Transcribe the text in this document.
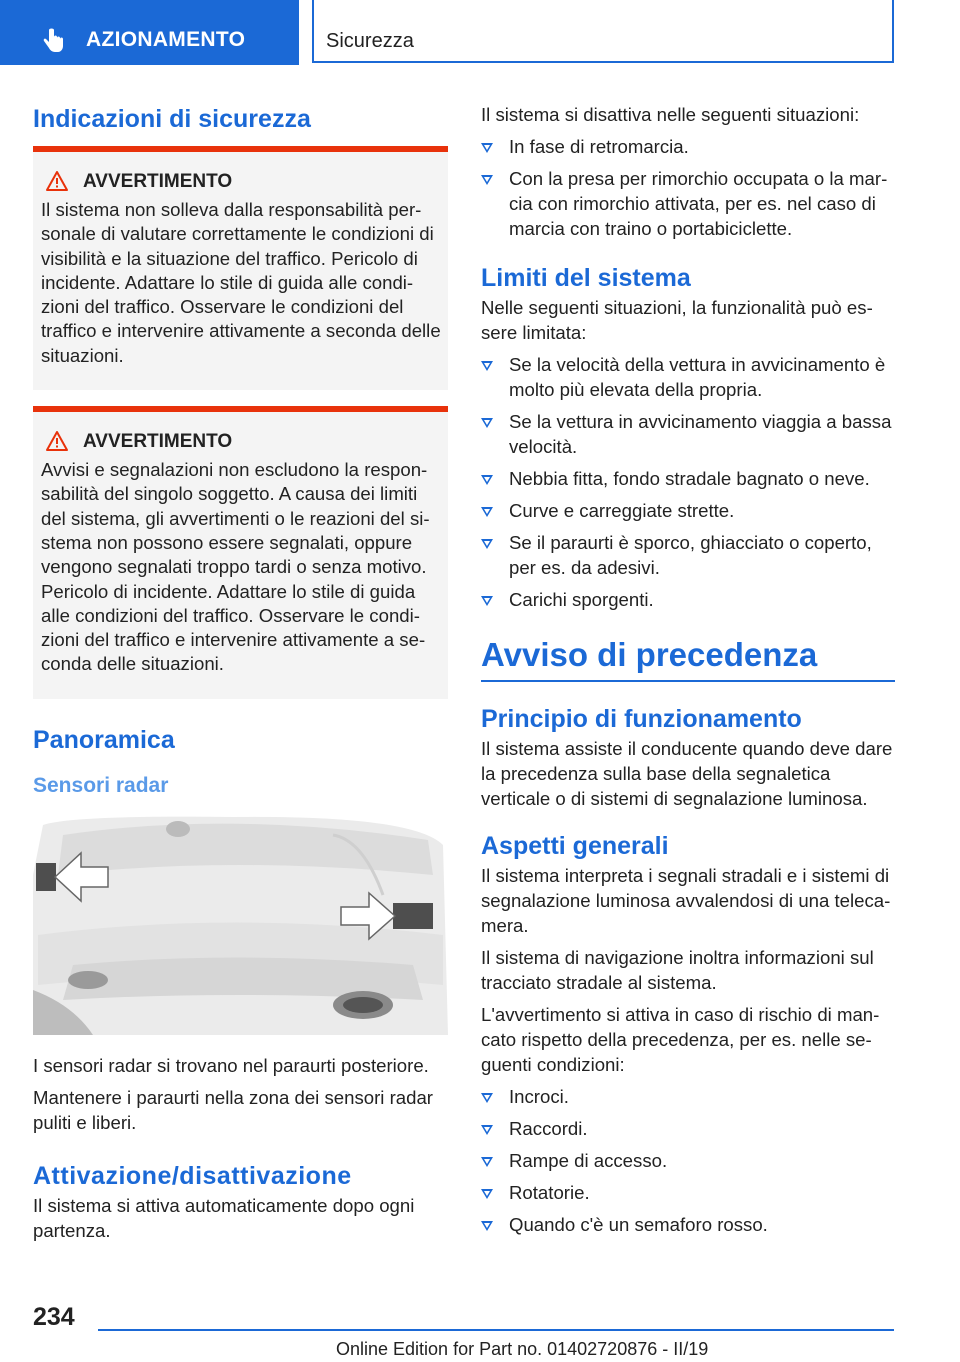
AZIONAMENTO	Sicurezza
Indicazioni di sicurezza
AVVERTIMENTO

Il sistema non solleva dalla responsabilità personale di valutare correttamente le condizioni di visibilità e la situazione del traffico. Pericolo di incidente. Adattare lo stile di guida alle condizioni del traffico. Osservare le condizioni del traffico e intervenire attivamente a seconda delle situazioni.

AVVERTIMENTO

Avvisi e segnalazioni non escludono la responsabilità del singolo soggetto. A causa dei limiti del sistema, gli avvertimenti o le reazioni del sistema non possono essere segnalati, oppure vengono segnalati troppo tardi o senza motivo. Pericolo di incidente. Adattare lo stile di guida alle condizioni del traffico. Osservare le condizioni del traffico e intervenire attivamente a seconda delle situazioni.

Panoramica
Sensori radar

I sensori radar si trovano nel paraurti posteriore.

Mantenere i paraurti nella zona dei sensori radar puliti e liberi.

Attivazione/disattivazione

Il sistema si attiva automaticamente dopo ogni partenza.

Il sistema si disattiva nelle seguenti situazioni:

In fase di retromarcia.
Con la presa per rimorchio occupata o la marcia con rimorchio attivata, per es. nel caso di marcia con traino o portabiciclette.
Limiti del sistema

Nelle seguenti situazioni, la funzionalità può essere limitata:

Se la velocità della vettura in avvicinamento è molto più elevata della propria.
Se la vettura in avvicinamento viaggia a bassa velocità.
Nebbia fitta, fondo stradale bagnato o neve.
Curve e carreggiate strette.
Se il paraurti è sporco, ghiacciato o coperto, per es. da adesivi.
Carichi sporgenti.
Avviso di precedenza
Principio di funzionamento

Il sistema assiste il conducente quando deve dare la precedenza sulla base della segnaletica verticale o di sistemi di segnalazione luminosa.

Aspetti generali

Il sistema interpreta i segnali stradali e i sistemi di segnalazione luminosa avvalendosi di una telecamera.

Il sistema di navigazione inoltra informazioni sul tracciato stradale al sistema.

L'avvertimento si attiva in caso di rischio di mancato rispetto della precedenza, per es. nelle seguenti condizioni:

Incroci.
Raccordi.
Rampe di accesso.
Rotatorie.
Quando c'è un semaforo rosso.
234
Online Edition for Part no. 01402720876 - II/19
